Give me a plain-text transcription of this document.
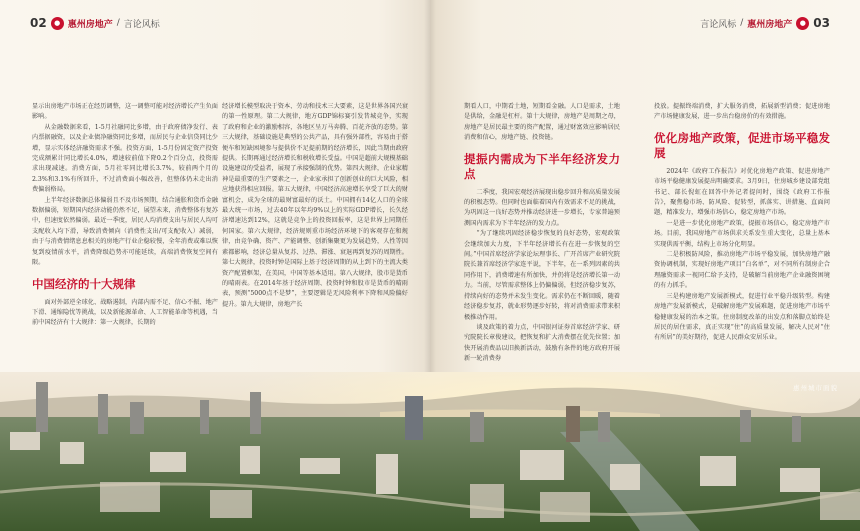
02	● 惠州房地产 / 言论风标	言论风标 / 惠州房地产	● 03

显示出房地产市场正在经历调整，这一调整可能对经济增长产生负面影响。

从金融数据来看，1-5月社融同比多增，由于政府债净发行、表内票据融资，以及企业债净融资同比多增，而居民与企业信贷同比少增，显示实体经济融资需求不强。投资方面，1-5月份固定资产投资完成额累计同比增长4.0%，增速较前值下降0.2个百分点，投资需求出现减速。消费方面，5月社零同比增长3.7%，较前两个月的2.3%和3.1%有所回升，不过消费面小幅改善，但整体仍未走出消费偏弱格局。

上半年经济数据总体偏弱且不及市场预期，结合通胀和货币金融数据偏弱，短期国内经济动能仍然不足，展望未来，消费整体有复苏中，但速度依然偏弱。最近一季度，居民人均消费支出与居民人均可支配收入均下滑，导致消费倾向（消费性支出/可支配收入）减弱，由于与消费情绪息息相关的房地产行业企稳较慢，全年消费或难以恢复到疫情前水平，消费降级趋势亦可能延续，高端消费恢复空间有限。

中国经济的十大规律

面对外部逆全球化、战略遏制，内部内需不足、信心不振、地产下滑、通缩隐忧等挑战，以及新能源革命、人工智能革命等机遇，当前中国经济有十大规律：第一大规律，长期的

经济增长模型取决于资本、劳动和技术三大要素，这是世界各国兴衰的第一性原理。第二大规律，地方GDP锦标赛引发昔城竞争，实现了政府和企业的激励相容，各地区呈万马奔腾、百花齐放的态势。第三大规律，基础设施是典型的公共产品，具有强外部性，容易由于搭便车和短缺困境参与提供价不足提前期的经济增长，因此当期由政府提供。长期再通过经济增长和税收增长受益。中国是超前大规模基础设施建设的受益者，展现了承接强制的优势。第四大规律，企业家精神是最重要的生产要素之一，企业家承担了创新创业的巨大风险，相应地获得相应回报。第五大规律，中国经济高速增长享受了巨大的财富机会，成为全球的最财富最好的沃土。中国拥有14亿人口的全球最大统一市场，过去40年以年均9%以上的实际GDP增长，长久经济增速达到12%，这就是竞争上的投资回报率，这是世界上同期任何国家。第六大规律，经济规则重市场经济环境下的客观存在和规律，由竞争确、资产、产能调整、创新集聚更为发展趋势，人性等因素都影响，经济总量从复苏、过热、滞涨、衰退再到复苏的周期性。第七大规律，投资时钟是国际上基于经济周期的从上到下的主流大类资产配置框架，在美国，中国等基本适用。第八大规律，股市是货币的晴雨表。在2014年基于经济周期、投资时钟和股市是货币的晴雨表，预测“5000点不是梦”，主要逻辑是无风险利率下降和风险偏好提升。第九大规律，房地产长

期看人口，中期看土地，短期看金融。人口是需求，土地是供给，金融是杠杆。第十大规律，房地产是周期之母，房地产是居民最主要的资产配置，通过财富效应影响居民消费和信心，房地产链、投资链。

提振内需成为下半年经济发力点

二季度，我国宏观经济展现出稳步回升和高质量发展的积极态势。但同时也面临着国内有效需求不足的挑战，为巩固这一良好态势并推动经济进一步增长，专家普遍预测国内需求为下半年经济的发力点。

“为了继续巩固经济稳步恢复的良好态势，宏观政策会继续加大力度，下半年经济增长有在进一步恢复的空间。”中国首席经济学家论坛理事长、广开首席产业研究院院长兼首席经济学家连平说，下半年，在一系列因素的共同作用下，消费增速有所加快，并仍将是经济增长第一动力。当前，尽管需求整体上仍偏偏弱，但经济稳步复苏，持续向好的态势并未发生变化。需求仍在不断回暖，随着经济稳步复苏，就业形势逐步好转，将对消费需求带来积极推动作用。

谈及政策的着力点，中国银河证券首席经济学家、研究院院长章俊建议，把恢复和扩大消费摆在优先位置；加快开展消费品以旧换新活动，鼓励有条件的地方政府开展新一轮消费券

投放。提振终端消费，扩大服务消费，拓展新型消费；促进房地产市场健康发展，进一步出台稳房价的有效措施。

优化房地产政策，促进市场平稳发展

2024年《政府工作报告》对优化房地产政策、促进房地产市场平稳健康发展提出明确要求。3月9日，住房城乡建设部党组书记、部长倪虹在回答中外记者提问时，围绕《政府工作报告》，聚焦稳市场、防风险、促转型，抓落实、讲措施、直面问题，精准发力，增强市场信心，稳定房地产市场。

一是进一步优化房地产政策，提振市场信心，稳定房地产市场。目前，我国房地产市场供求关系发生重大变化，总量上基本实现供需平衡，结构上市场分化明显。

二是积极防风险，推动房地产市场平稳发展，加快房地产融资协调机制，实现好房地产项目“白名单”，对不同所有制房企合理融资需求一视同仁给予支持，是破解当前房地产企业融资困境的有力抓手。

三是构建房地产发展新模式，促进行业平稳升级转型。构建房地产发展新模式，是破解房地产发展难题，促进房地产市场平稳健康发展的治本之策。住房制度改革的出发点和落脚点始终是居民的居住需求，真正实现“住”的高质量发展，解决人民对“住有所居”的美好期待，促进人民群众安居乐业。

惠州城市面貌
